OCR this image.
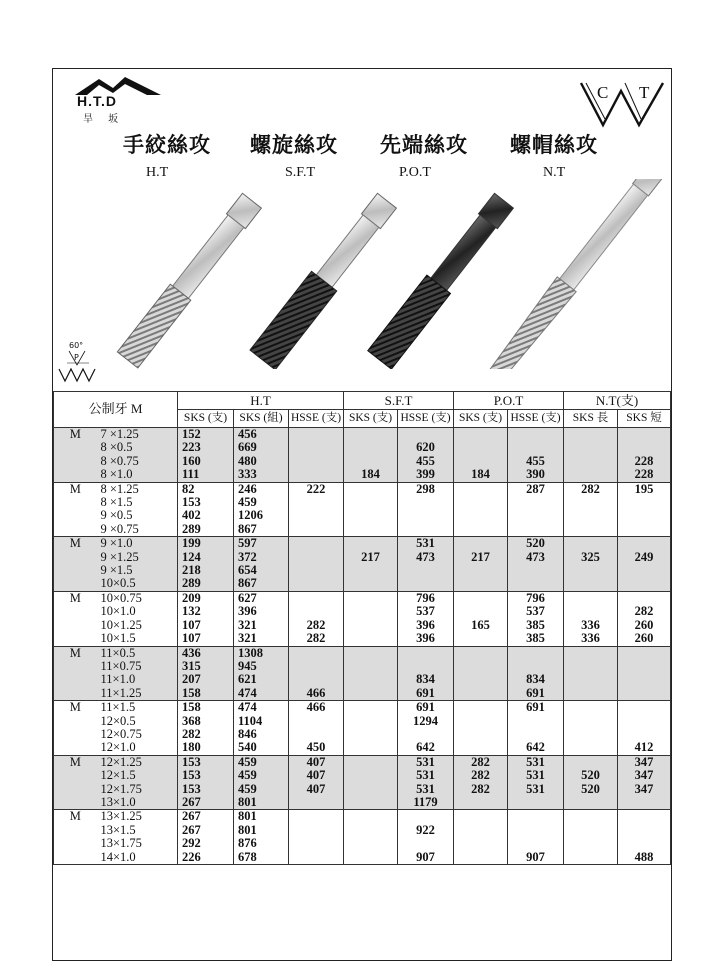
H.T.D
旱 坂
C T
手絞絲攻 螺旋絲攻 先端絲攻 螺帽絲攻
H.T	S.F.T	P.O.T	N.T
60°
P
公制牙 M		H.T			S.F.T		P.O.T		N.T(支)	
		SKS (支)	SKS (組)	HSSE (支)	SKS (支)	HSSE (支)	SKS (支)	HSSE (支)	SKS 長	SKS 短
M	7 ×1.25	152	456							
	8 ×0.5	223	669			620				
	8 ×0.75	160	480			455		455		228
	8 ×1.0	111	333		184	399	184	390		228
M	8 ×1.25	82	246	222		298		287	282	195
	8 ×1.5	153	459							
	9 ×0.5	402	1206							
	9 ×0.75	289	867							
M	9 ×1.0	199	597			531		520		
	9 ×1.25	124	372		217	473	217	473	325	249
	9 ×1.5	218	654							
	10×0.5	289	867							
M	10×0.75	209	627			796		796		
	10×1.0	132	396			537		537		282
	10×1.25	107	321	282		396	165	385	336	260
	10×1.5	107	321	282		396		385	336	260
M	11×0.5	436	1308							
	11×0.75	315	945							
	11×1.0	207	621			834		834		
	11×1.25	158	474	466		691		691		
M	11×1.5	158	474	466		691		691		
	12×0.5	368	1104			1294				
	12×0.75	282	846							
	12×1.0	180	540	450		642		642		412
M	12×1.25	153	459	407		531	282	531		347
	12×1.5	153	459	407		531	282	531	520	347
	12×1.75	153	459	407		531	282	531	520	347
	13×1.0	267	801			1179				
M	13×1.25	267	801							
	13×1.5	267	801			922				
	13×1.75	292	876							
	14×1.0	226	678			907		907		488
